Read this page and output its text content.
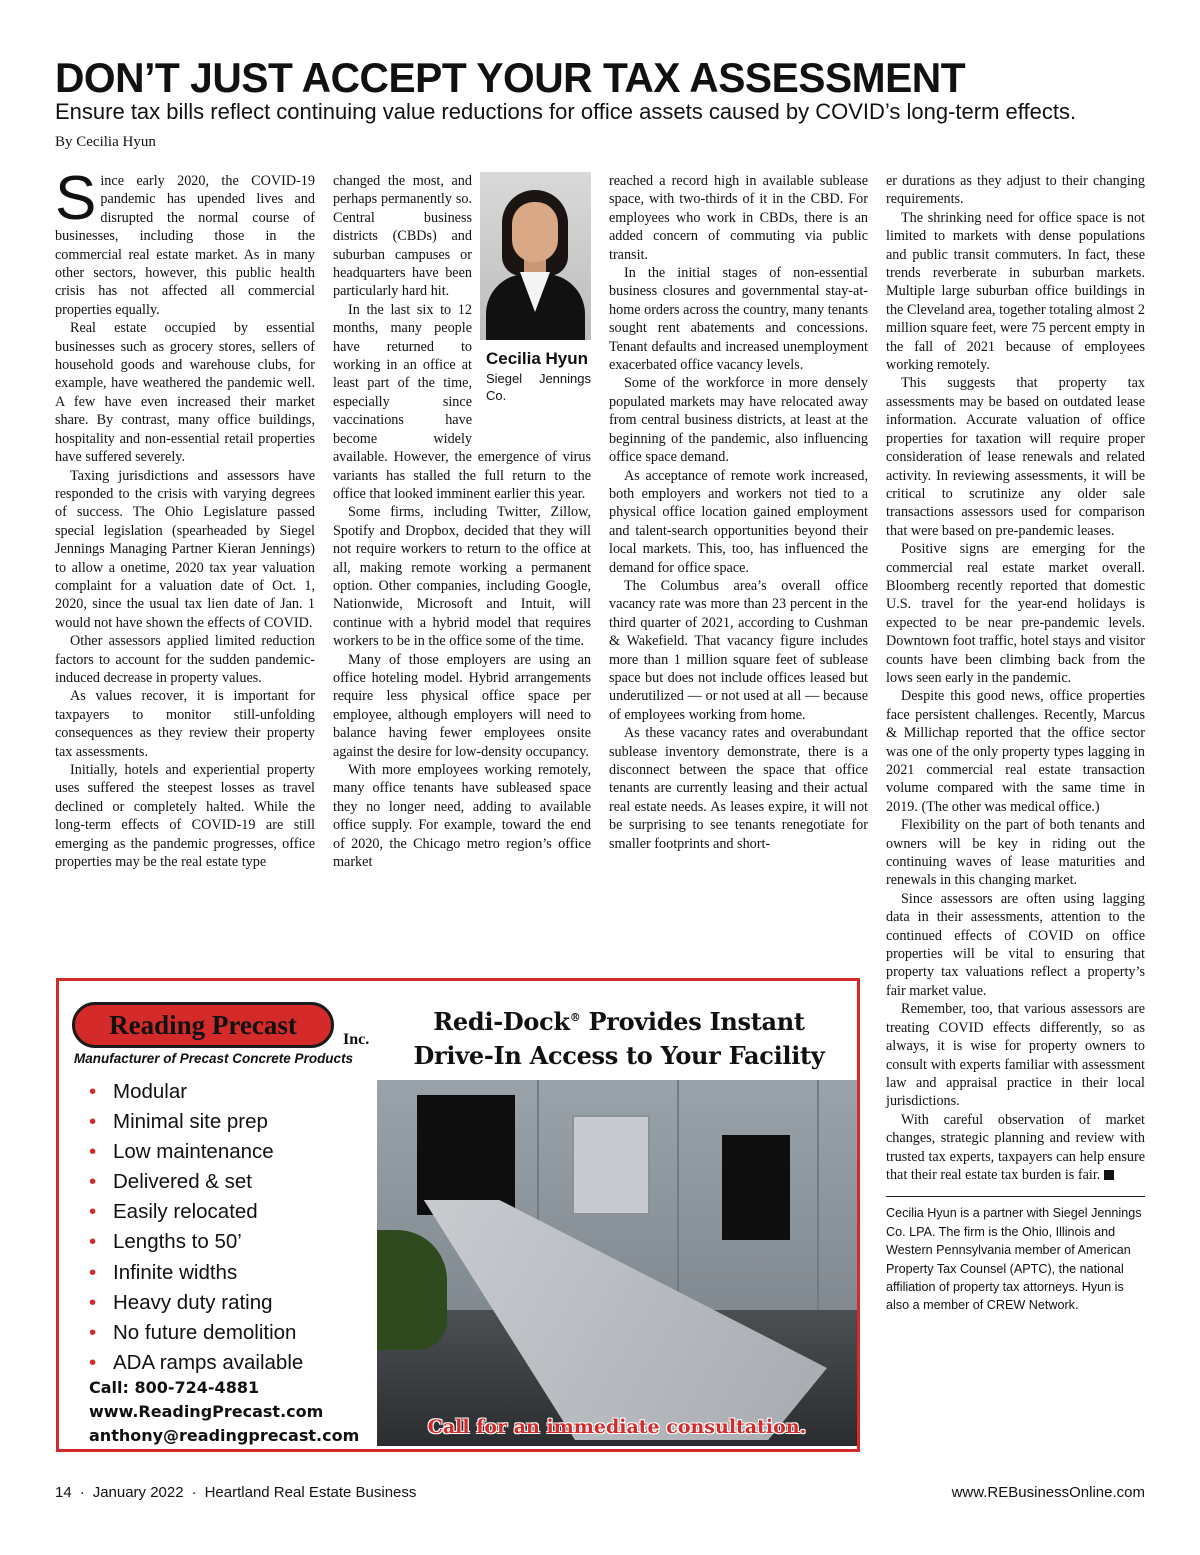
DON’T JUST ACCEPT YOUR TAX ASSESSMENT
Ensure tax bills reflect continuing value reductions for office assets caused by COVID’s long-term effects.
By Cecilia Hyun

Since early 2020, the COVID-19 pandemic has upended lives and disrupted the normal course of businesses, including those in the commercial real estate market. As in many other sectors, however, this public health crisis has not affected all commercial properties equally.

Real estate occupied by essential businesses such as grocery stores, sellers of household goods and warehouse clubs, for example, have weathered the pandemic well. A few have even increased their market share. By contrast, many office buildings, hospitality and non-essential retail properties have suffered severely.

Taxing jurisdictions and assessors have responded to the crisis with varying degrees of success. The Ohio Legislature passed special legislation (spearheaded by Siegel Jennings Managing Partner Kieran Jennings) to allow a onetime, 2020 tax year valuation complaint for a valuation date of Oct. 1, 2020, since the usual tax lien date of Jan. 1 would not have shown the effects of COVID.

Other assessors applied limited reduction factors to account for the sudden pandemic-induced decrease in property values.

As values recover, it is important for taxpayers to monitor still-unfolding consequences as they review their property tax assessments.

Initially, hotels and experiential property uses suffered the steepest losses as travel declined or completely halted. While the long-term effects of COVID-19 are still emerging as the pandemic progresses, office properties may be the real estate type

Cecilia Hyun
Siegel Jennings Co.

changed the most, and perhaps permanently so. Central business districts (CBDs) and suburban campuses or headquarters have been particularly hard hit.

In the last six to 12 months, many people have returned to working in an office at least part of the time, especially since vaccinations have become widely available. However, the emergence of virus variants has stalled the full return to the office that looked imminent earlier this year.

Some firms, including Twitter, Zillow, Spotify and Dropbox, decided that they will not require workers to return to the office at all, making remote working a permanent option. Other companies, including Google, Nationwide, Microsoft and Intuit, will continue with a hybrid model that requires workers to be in the office some of the time.

Many of those employers are using an office hoteling model. Hybrid arrangements require less physical office space per employee, although employers will need to balance having fewer employees onsite against the desire for low-density occupancy.

With more employees working remotely, many office tenants have subleased space they no longer need, adding to available office supply. For example, toward the end of 2020, the Chicago metro region’s office market

reached a record high in available sublease space, with two-thirds of it in the CBD. For employees who work in CBDs, there is an added concern of commuting via public transit.

In the initial stages of non-essential business closures and governmental stay-at-home orders across the country, many tenants sought rent abatements and concessions. Tenant defaults and increased unemployment exacerbated office vacancy levels.

Some of the workforce in more densely populated markets may have relocated away from central business districts, at least at the beginning of the pandemic, also influencing office space demand.

As acceptance of remote work increased, both employers and workers not tied to a physical office location gained employment and talent-search opportunities beyond their local markets. This, too, has influenced the demand for office space.

The Columbus area’s overall office vacancy rate was more than 23 percent in the third quarter of 2021, according to Cushman & Wakefield. That vacancy figure includes more than 1 million square feet of sublease space but does not include offices leased but underutilized — or not used at all — because of employees working from home.

As these vacancy rates and overabundant sublease inventory demonstrate, there is a disconnect between the space that office tenants are currently leasing and their actual real estate needs. As leases expire, it will not be surprising to see tenants renegotiate for smaller footprints and short-

er durations as they adjust to their changing requirements.

The shrinking need for office space is not limited to markets with dense populations and public transit commuters. In fact, these trends reverberate in suburban markets. Multiple large suburban office buildings in the Cleveland area, together totaling almost 2 million square feet, were 75 percent empty in the fall of 2021 because of employees working remotely.

This suggests that property tax assessments may be based on outdated lease information. Accurate valuation of office properties for taxation will require proper consideration of lease renewals and related activity. In reviewing assessments, it will be critical to scrutinize any older sale transactions assessors used for comparison that were based on pre-pandemic leases.

Positive signs are emerging for the commercial real estate market overall. Bloomberg recently reported that domestic U.S. travel for the year-end holidays is expected to be near pre-pandemic levels. Downtown foot traffic, hotel stays and visitor counts have been climbing back from the lows seen early in the pandemic.

Despite this good news, office properties face persistent challenges. Recently, Marcus & Millichap reported that the office sector was one of the only property types lagging in 2021 commercial real estate transaction volume compared with the same time in 2019. (The other was medical office.)

Flexibility on the part of both tenants and owners will be key in riding out the continuing waves of lease maturities and renewals in this changing market.

Since assessors are often using lagging data in their assessments, attention to the continued effects of COVID on office properties will be vital to ensuring that property tax valuations reflect a property’s fair market value.

Remember, too, that various assessors are treating COVID effects differently, so as always, it is wise for property owners to consult with experts familiar with assessment law and appraisal practice in their local jurisdictions.

With careful observation of market changes, strategic planning and review with trusted tax experts, taxpayers can help ensure that their real estate tax burden is fair.

Cecilia Hyun is a partner with Siegel Jennings Co. LPA. The firm is the Ohio, Illinois and Western Pennsylvania member of American Property Tax Counsel (APTC), the national affiliation of property tax attorneys. Hyun is also a member of CREW Network.
Reading Precast	Inc.
Manufacturer of Precast Concrete Products
Redi-Dock® Provides Instant
Drive-In Access to Your Facility
• Modular
• Minimal site prep
• Low maintenance
• Delivered & set
• Easily relocated
• Lengths to 50’
• Infinite widths
• Heavy duty rating
• No future demolition
• ADA ramps available
Call: 800-724-4881
www.ReadingPrecast.com
anthony@readingprecast.com	Call for an immediate consultation.
14 · January 2022 · Heartland Real Estate Business	www.REBusinessOnline.com
